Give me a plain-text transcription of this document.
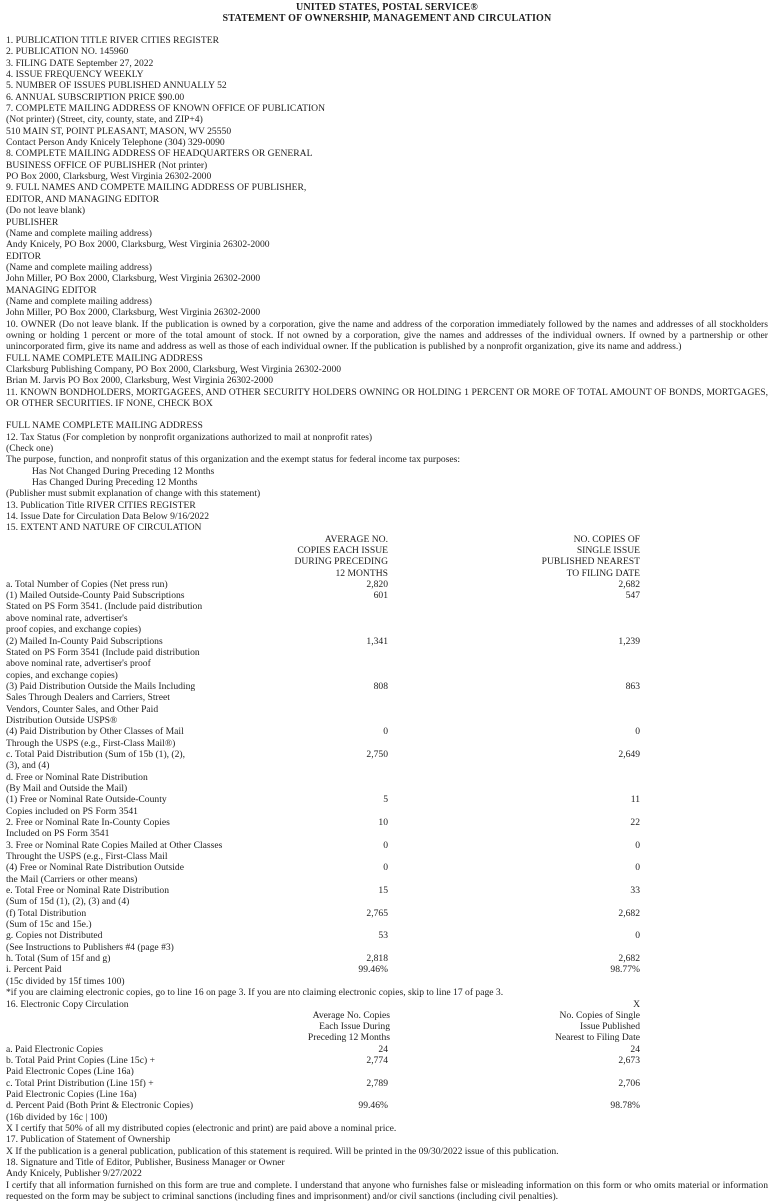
UNITED STATES, POSTAL SERVICE®
STATEMENT OF OWNERSHIP, MANAGEMENT AND CIRCULATION
1. PUBLICATION TITLE RIVER CITIES REGISTER
2. PUBLICATION NO. 145960
3. FILING DATE September 27, 2022
4. ISSUE FREQUENCY WEEKLY
5. NUMBER OF ISSUES PUBLISHED ANNUALLY 52
6. ANNUAL SUBSCRIPTION PRICE $90.00
7. COMPLETE MAILING ADDRESS OF KNOWN OFFICE OF PUBLICATION
(Not printer) (Street, city, county, state, and ZIP+4)
510 MAIN ST, POINT PLEASANT, MASON, WV 25550
Contact Person Andy Knicely Telephone (304) 329-0090
8. COMPLETE MAILING ADDRESS OF HEADQUARTERS OR GENERAL
BUSINESS OFFICE OF PUBLISHER (Not printer)
PO Box 2000, Clarksburg, West Virginia 26302-2000
9. FULL NAMES AND COMPETE MAILING ADDRESS OF PUBLISHER,
EDITOR, AND MANAGING EDITOR
(Do not leave blank)
PUBLISHER
(Name and complete mailing address)
Andy Knicely, PO Box 2000, Clarksburg, West Virginia 26302-2000
EDITOR
(Name and complete mailing address)
John Miller, PO Box 2000, Clarksburg, West Virginia 26302-2000
MANAGING EDITOR
(Name and complete mailing address)
John Miller, PO Box 2000, Clarksburg, West Virginia 26302-2000
10. OWNER (Do not leave blank. If the publication is owned by a corporation, give the name and address of the corporation immediately followed by the names and addresses of all stockholders owning or holding 1 percent or more of the total amount of stock. If not owned by a corporation, give the names and addresses of the individual owners. If owned by a partnership or other unincorporated firm, give its name and address as well as those of each individual owner. If the publication is published by a nonprofit organization, give its name and address.)
FULL NAME COMPLETE MAILING ADDRESS
Clarksburg Publishing Company, PO Box 2000, Clarksburg, West Virginia 26302-2000
Brian M. Jarvis PO Box 2000, Clarksburg, West Virginia 26302-2000
11. KNOWN BONDHOLDERS, MORTGAGEES, AND OTHER SECURITY HOLDERS OWNING OR HOLDING 1 PERCENT OR MORE OF TOTAL AMOUNT OF BONDS, MORTGAGES, OR OTHER SECURITIES. IF NONE, CHECK BOX
FULL NAME COMPLETE MAILING ADDRESS
12. Tax Status (For completion by nonprofit organizations authorized to mail at nonprofit rates)
(Check one)
The purpose, function, and nonprofit status of this organization and the exempt status for federal income tax purposes:
Has Not Changed During Preceding 12 Months
Has Changed During Preceding 12 Months
(Publisher must submit explanation of change with this statement)
13. Publication Title RIVER CITIES REGISTER
14. Issue Date for Circulation Data Below 9/16/2022
15. EXTENT AND NATURE OF CIRCULATION
AVERAGE NO.
COPIES EACH ISSUE
DURING PRECEDING
12 MONTHS
NO. COPIES OF
SINGLE ISSUE
PUBLISHED NEAREST
TO FILING DATE
a. Total Number of Copies (Net press run)	2,820	2,682
(1) Mailed Outside-County Paid Subscriptions
Stated on PS Form 3541. (Include paid distribution
above nominal rate, advertiser's
proof copies, and exchange copies)
601	547
(2) Mailed In-County Paid Subscriptions
Stated on PS Form 3541 (Include paid distribution
above nominal rate, advertiser's proof
copies, and exchange copies)
1,341	1,239
(3) Paid Distribution Outside the Mails Including
Sales Through Dealers and Carriers, Street
Vendors, Counter Sales, and Other Paid
Distribution Outside USPS®
808	863
(4) Paid Distribution by Other Classes of Mail
Through the USPS (e.g., First-Class Mail®)
0	0
c. Total Paid Distribution (Sum of 15b (1), (2),
(3), and (4)
2,750	2,649
d. Free or Nominal Rate Distribution
(By Mail and Outside the Mail)
(1) Free or Nominal Rate Outside-County
Copies included on PS Form 3541
5	11
2. Free or Nominal Rate In-County Copies
Included on PS Form 3541
10	22
3. Free or Nominal Rate Copies Mailed at Other Classes
Throught the USPS (e.g., First-Class Mail
0	0
(4) Free or Nominal Rate Distribution Outside
the Mail (Carriers or other means)
0	0
e. Total Free or Nominal Rate Distribution
(Sum of 15d (1), (2), (3) and (4)
15	33
(f) Total Distribution
(Sum of 15c and 15e.)
2,765	2,682
g. Copies not Distributed
(See Instructions to Publishers #4 (page #3)
53	0
h. Total (Sum of 15f and g)	2,818	2,682
i. Percent Paid
(15c divided by 15f times 100)
99.46%	98.77%
*if you are claiming electronic copies, go to line 16 on page 3. If you are nto claiming electronic copies, skip to line 17 of page 3.
16. Electronic Copy Circulation	X
Average No. Copies
Each Issue During
Preceding 12 Months
No. Copies of Single
Issue Published
Nearest to Filing Date
a. Paid Electronic Copies	24	24
b. Total Paid Print Copies (Line 15c) +
Paid Electronic Copes (Line 16a)
2,774	2,673
c. Total Print Distribution (Line 15f) +
Paid Electronic Copies (Line 16a)
2,789	2,706
d. Percent Paid (Both Print & Electronic Copies)
(16b divided by 16c | 100)
99.46%	98.78%
X I certify that 50% of all my distributed copies (electronic and print) are paid above a nominal price.
17. Publication of Statement of Ownership
X If the publication is a general publication, publication of this statement is required. Will be printed in the 09/30/2022 issue of this publication.
18. Signature and Title of Editor, Publisher, Business Manager or Owner
Andy Knicely, Publisher 9/27/2022
I certify that all information furnished on this form are true and complete. I understand that anyone who furnishes false or misleading information on this form or who omits material or information requested on the form may be subject to criminal sanctions (including fines and imprisonment) and/or civil sanctions (including civil penalties).
